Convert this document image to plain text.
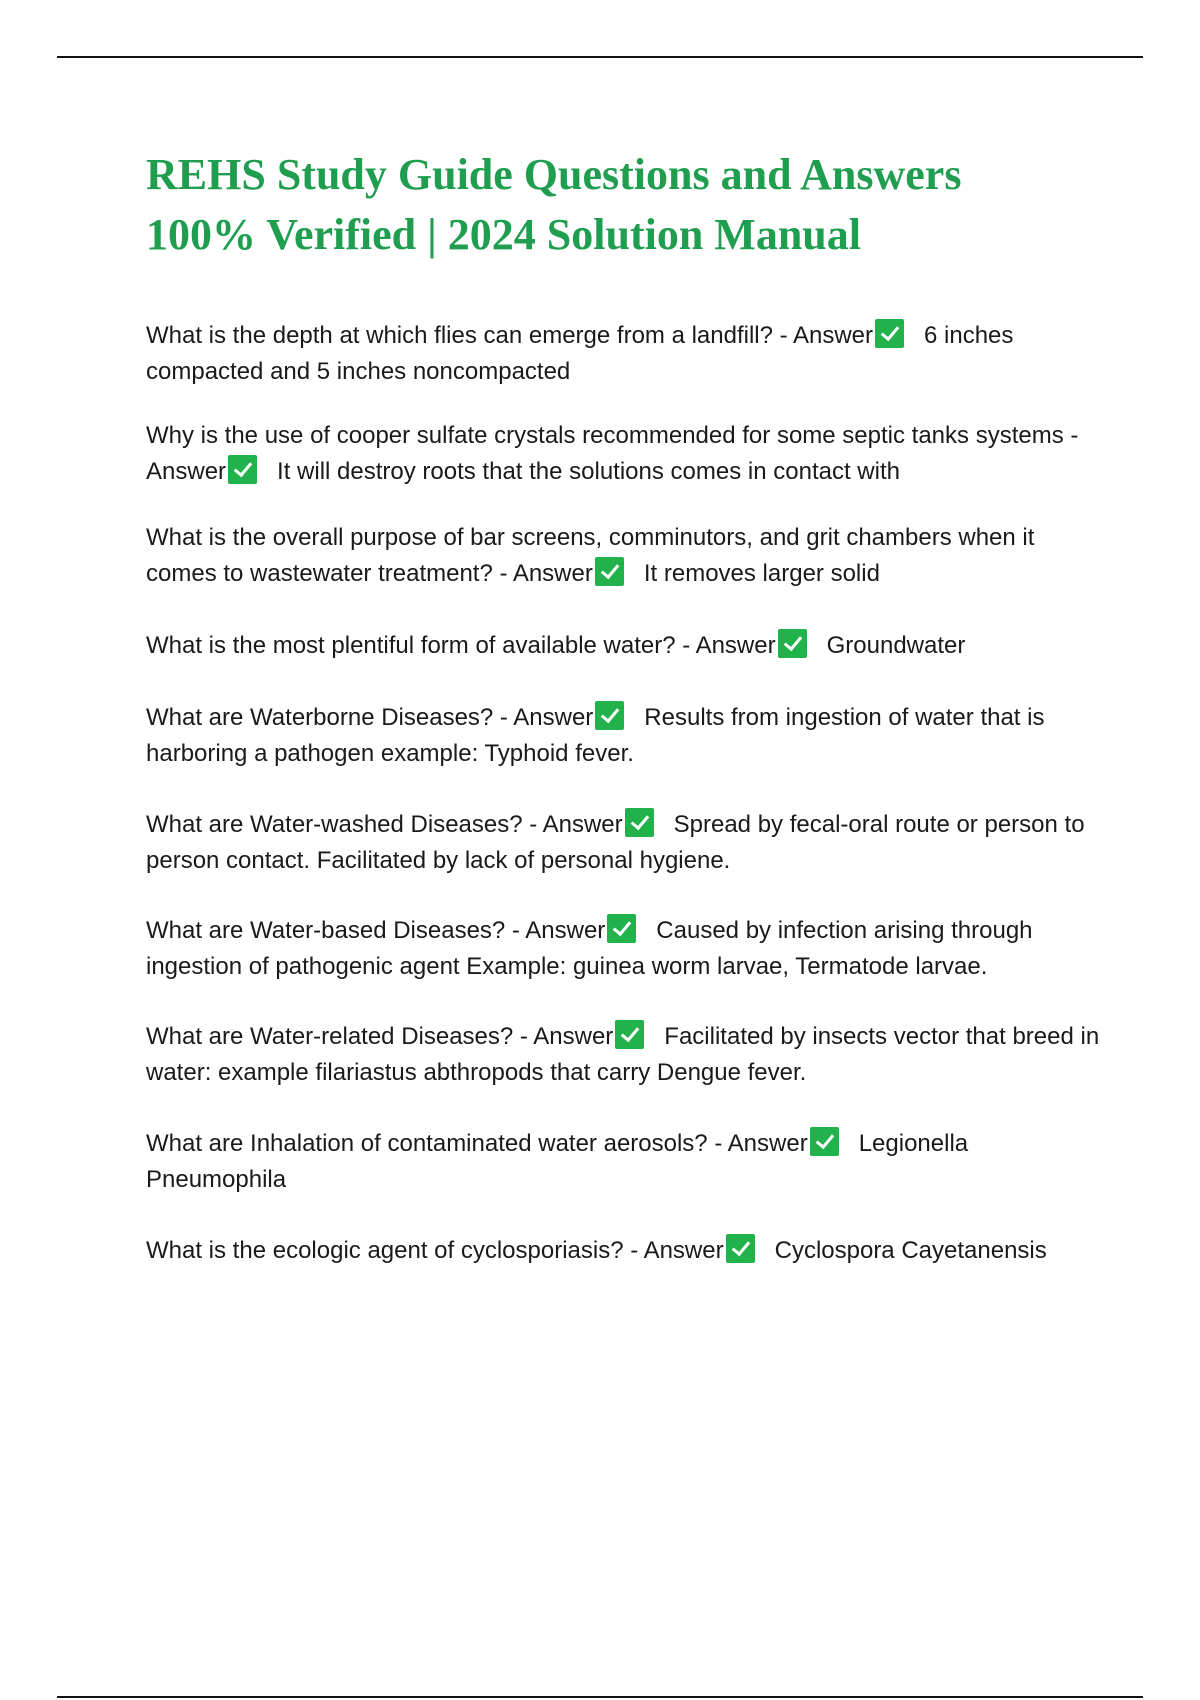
REHS Study Guide Questions and Answers
100% Verified | 2024 Solution Manual

What is the depth at which flies can emerge from a landfill? - Answer 6 inches compacted and 5 inches noncompacted

Why is the use of cooper sulfate crystals recommended for some septic tanks systems - Answer It will destroy roots that the solutions comes in contact with

What is the overall purpose of bar screens, comminutors, and grit chambers when it comes to wastewater treatment? - Answer It removes larger solid

What is the most plentiful form of available water? - Answer Groundwater

What are Waterborne Diseases? - Answer Results from ingestion of water that is harboring a pathogen example: Typhoid fever.

What are Water-washed Diseases? - Answer Spread by fecal-oral route or person to person contact. Facilitated by lack of personal hygiene.

What are Water-based Diseases? - Answer Caused by infection arising through ingestion of pathogenic agent Example: guinea worm larvae, Termatode larvae.

What are Water-related Diseases? - Answer Facilitated by insects vector that breed in water: example filariastus abthropods that carry Dengue fever.

What are Inhalation of contaminated water aerosols? - Answer Legionella Pneumophila

What is the ecologic agent of cyclosporiasis? - Answer Cyclospora Cayetanensis
